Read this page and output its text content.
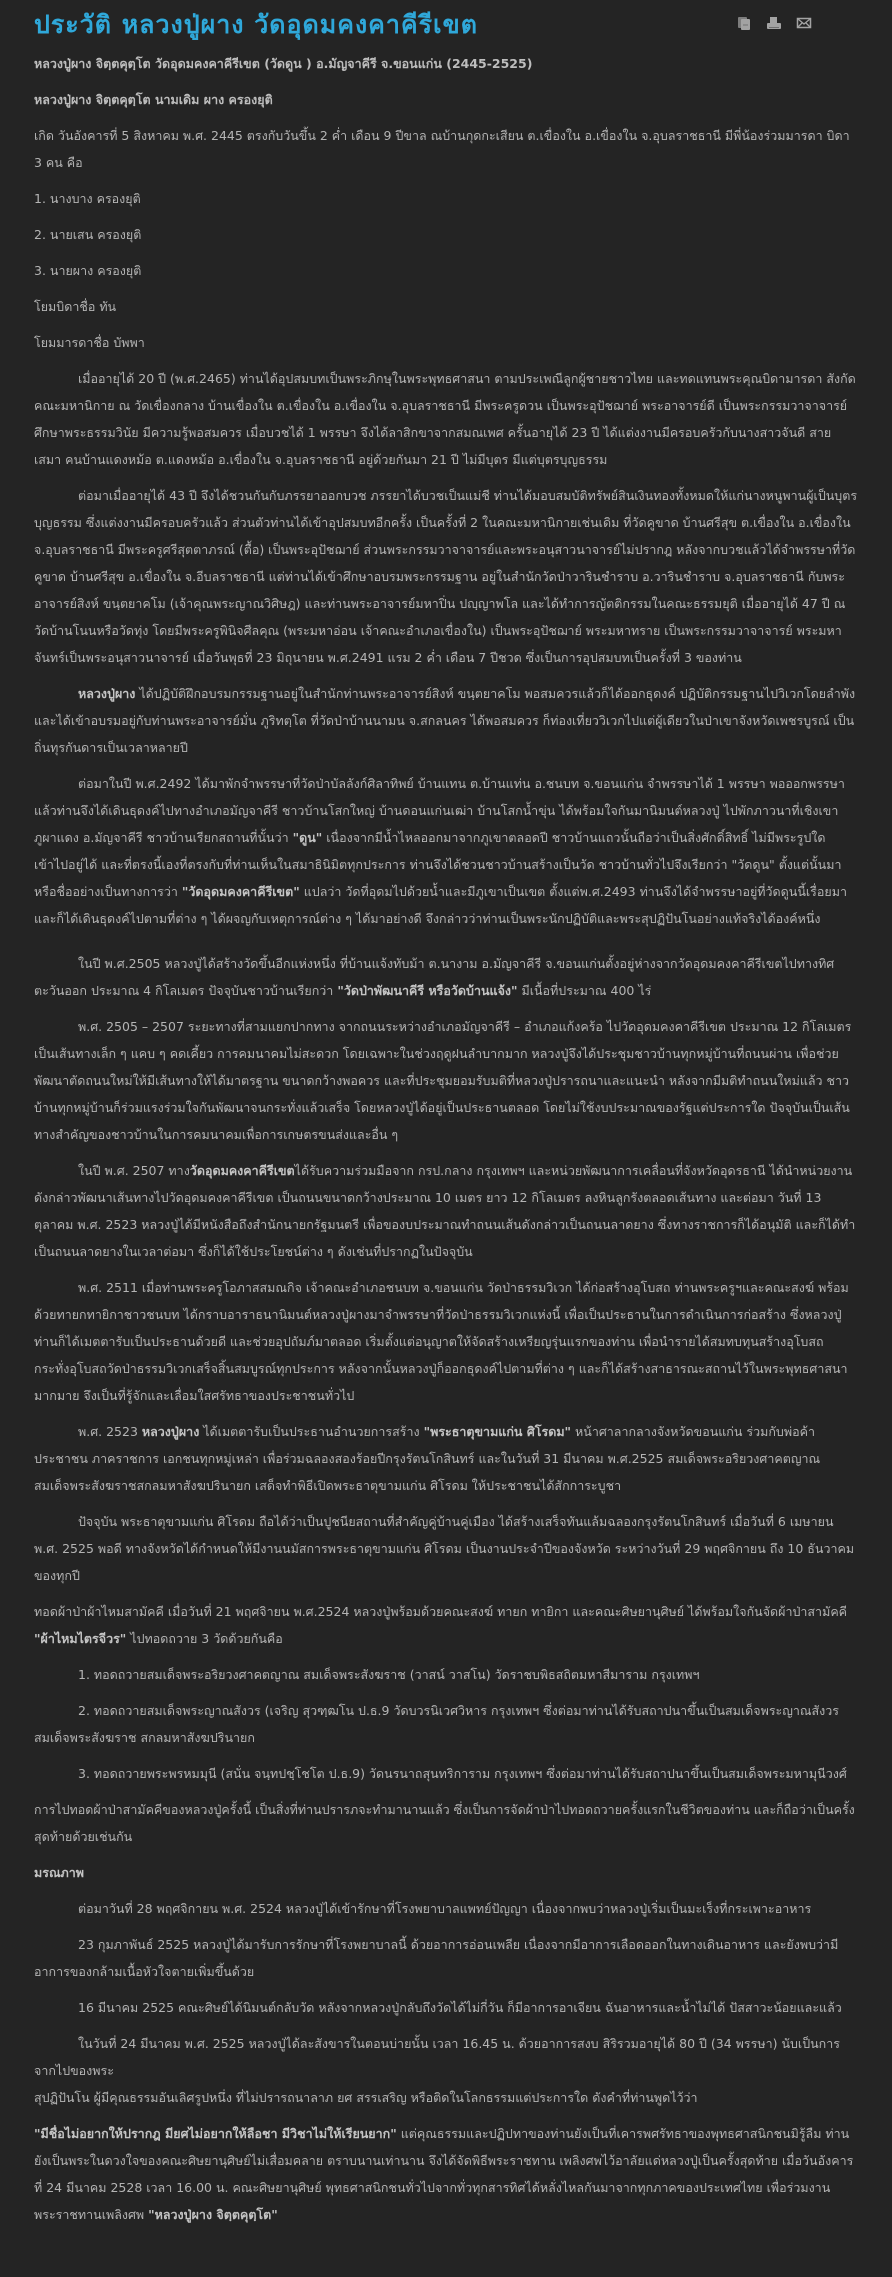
ประวัติ หลวงปู่ผาง วัดอุดมคงคาคีรีเขต

หลวงปู่ผาง จิตฺตคุตฺโต วัดอุดมคงคาคีรีเขต (วัดดูน ) อ.มัญจาคีรี จ.ขอนแก่น (2445-2525)

หลวงปู่ผาง จิตฺตคุตฺโต นามเดิม ผาง ครองยุติ

เกิด วันอังคารที่ 5 สิงหาคม พ.ศ. 2445 ตรงกับวันขึ้น 2 ค่ำ เดือน 9 ปีขาล ณบ้านกุดกะเสียน ต.เขื่องใน อ.เขื่องใน จ.อุบลราชธานี มีพี่น้องร่วมมารดา บิดา 3 คน คือ

1. นางบาง ครองยุติ

2. นายเสน ครองยุติ

3. นายผาง ครองยุติ

โยมบิดาชื่อ ทัน

โยมมารดาชื่อ บัพพา

เมื่ออายุได้ 20 ปี (พ.ศ.2465) ท่านได้อุปสมบทเป็นพระภิกษุในพระพุทธศาสนา ตามประเพณีลูกผู้ชายชาวไทย และทดแทนพระคุณบิดามารดา สังกัดคณะมหานิกาย ณ วัดเขื่องกลาง บ้านเขื่องใน ต.เขื่องใน อ.เขื่องใน จ.อุบลราชธานี มีพระครูดวน เป็นพระอุปัชฌาย์ พระอาจารย์ดี เป็นพระกรรมวาจาจารย์ ศึกษาพระธรรมวินัย มีความรู้พอสมควร เมื่อบวชได้ 1 พรรษา จึงได้ลาสิกขาจากสมณเพศ ครั้นอายุได้ 23 ปี ได้แต่งงานมีครอบครัวกับนางสาวจันดี สายเสมา คนบ้านแดงหม้อ ต.แดงหม้อ อ.เขื่องใน จ.อุบลราชธานี อยู่ด้วยกันมา 21 ปี ไม่มีบุตร มีแต่บุตรบุญธรรม

ต่อมาเมื่ออายุได้ 43 ปี จึงได้ชวนกันกับภรรยาออกบวช ภรรยาได้บวชเป็นแม่ชี ท่านได้มอบสมบัติทรัพย์สินเงินทองทั้งหมดให้แก่นางหนูพานผู้เป็นบุตรบุญธรรม ซึ่งแต่งงานมีครอบครัวแล้ว ส่วนตัวท่านได้เข้าอุปสมบทอีกครั้ง เป็นครั้งที่ 2 ในคณะมหานิกายเช่นเดิม ที่วัดคูขาด บ้านศรีสุข ต.เขื่องใน อ.เขื่องใน จ.อุบลราชธานี มีพระครูศรีสุตตาภรณ์ (ตื้อ) เป็นพระอุปัชฌาย์ ส่วนพระกรรมวาจาจารย์และพระอนุสาวนาจารย์ไม่ปรากฎ หลังจากบวชแล้วได้จำพรรษาที่วัดคูขาด บ้านศรีสุข อ.เขื่องใน จ.อีบลราชธานี แต่ท่านได้เข้าศึกษาอบรมพระกรรมฐาน อยู่ในสำนักวัดป่าวารินชำราบ อ.วารินชำราบ จ.อุบลราชธานี กับพระอาจารย์สิงห์ ขนฺตยาคโม (เจ้าคุณพระญาณวิศิษฎ) และท่านพระอาจารย์มหาปิ่น ปญฺญาพโล และได้ทำการญัตติกรรมในคณะธรรมยุติ เมื่ออายุได้ 47 ปี ณ วัดบ้านโนนหรือวัดทุ่ง โดยมีพระครูพินิจศีลคุณ (พระมหาอ่อน เจ้าคณะอำเภอเขื่องใน) เป็นพระอุปัชฌาย์ พระมหาทราย เป็นพระกรรมวาจาจารย์ พระมหาจันทร์เป็นพระอนุสาวนาจารย์ เมื่อวันพุธที่ 23 มิถุนายน พ.ศ.2491 แรม 2 ค่ำ เดือน 7 ปีชวด ซึ่งเป็นการอุปสมบทเป็นครั้งที่ 3 ของท่าน

หลวงปู่ผาง ได้ปฏิบัติฝึกอบรมกรรมฐานอยู่ในสำนักท่านพระอาจารย์สิงห์ ขนฺตยาคโม พอสมควรแล้วก็ได้ออกธุดงค์ ปฏิบัติกรรมฐานไปวิเวกโดยลำพัง และได้เข้าอบรมอยู่กับท่านพระอาจารย์มั่น ภูริทตฺโต ที่วัดป่าบ้านนามน จ.สกลนคร ได้พอสมควร ก็ท่องเที่ยววิเวกไปแต่ผู้เดียวในป่าเขาจังหวัดเพชรบูรณ์ เป็นถิ่นทุรกันดารเป็นเวลาหลายปี

ต่อมาในปี พ.ศ.2492 ได้มาพักจำพรรษาที่วัดป่าบัลลังก์ศิลาทิพย์ บ้านแทน ต.บ้านแท่น อ.ชนบท จ.ขอนแก่น จำพรรษาได้ 1 พรรษา พอออกพรรษาแล้วท่านจึงได้เดินธุดงค์ไปทางอำเภอมัญจาคีรี ชาวบ้านโสกใหญ่ บ้านดอนแก่นเฒ่า บ้านโสกน้ำขุ่น ได้พร้อมใจกันมานิมนต์หลวงปู่ ไปพักภาวนาที่เชิงเขาภูผาแดง อ.มัญจาคีรี ชาวบ้านเรียกสถานที่นั้นว่า "ดูน" เนื่องจากมีน้ำไหลออกมาจากภูเขาตลอดปี ชาวบ้านแถวนั้นถือว่าเป็นสิ่งศักดิ์สิทธิ์ ไม่มีพระรูปใดเข้าไปอยู่ได้ และที่ตรงนี้เองที่ตรงกับที่ท่านเห็นในสมาธินิมิตทุกประการ ท่านจึงได้ชวนชาวบ้านสร้างเป็นวัด ชาวบ้านทั่วไปจึงเรียกว่า "วัดดูน" ตั้งแต่นั้นมา หรือชื่ออย่างเป็นทางการว่า "วัดอุดมคงคาคีรีเขต" แปลว่า วัดที่อุดมไปด้วยน้ำและมีภูเขาเป็นเขต ตั้งแต่พ.ศ.2493 ท่านจึงได้จำพรรษาอยู่ที่วัดดูนนี้เรื่อยมา และก็ได้เดินธุดงค์ไปตามที่ต่าง ๆ ได้ผจญกับเหตุการณ์ต่าง ๆ ได้มาอย่างดี จึงกล่าวว่าท่านเป็นพระนักปฏิบัติและพระสุปฏิปันโนอย่างแท้จริงได้องค์หนึ่ง

ในปี พ.ศ.2505 หลวงปู่ได้สร้างวัดขึ้นอีกแห่งหนึ่ง ที่บ้านแจ้งทับม้า ต.นางาม อ.มัญจาคีรี จ.ขอนแก่นตั้งอยู่ห่างจากวัดอุดมคงคาคีรีเขตไปทางทิศตะวันออก ประมาณ 4 กิโลเมตร ปัจจุบันชาวบ้านเรียกว่า "วัดป่าพัฒนาคีรี หรือวัดบ้านแจ้ง" มีเนื้อที่ประมาณ 400 ไร่

พ.ศ. 2505 – 2507 ระยะทางที่สามแยกปากทาง จากถนนระหว่างอำเภอมัญจาคีรี – อำเภอแก้งคร้อ ไปวัดอุดมคงคาคีรีเขต ประมาณ 12 กิโลเมตร เป็นเส้นทางเล็ก ๆ แคบ ๆ คดเคี้ยว การคมนาคมไม่สะดวก โดยเฉพาะในช่วงฤดูฝนลำบากมาก หลวงปู่จึงได้ประชุมชาวบ้านทุกหมู่บ้านที่ถนนผ่าน เพื่อช่วยพัฒนาตัดถนนใหม่ให้มีเส้นทางให้ได้มาตรฐาน ขนาดกว้างพอควร และที่ประชุมยอมรับมติที่หลวงปู่ปรารถนาและแนะนำ หลังจากมีมติทำถนนใหม่แล้ว ชาวบ้านทุกหมู่บ้านก็ร่วมแรงร่วมใจกันพัฒนาจนกระทั่งแล้วเสร็จ โดยหลวงปู่ได้อยู่เป็นประธานตลอด โดยไม่ใช้งบประมาณของรัฐแต่ประการใด ปัจจุบันเป็นเส้นทางสำคัญของชาวบ้านในการคมนาคมเพื่อการเกษตรขนส่งและอื่น ๆ

ในปี พ.ศ. 2507 ทางวัดอุดมคงคาคีรีเขตได้รับความร่วมมือจาก กรป.กลาง กรุงเทพฯ และหน่วยพัฒนาการเคลื่อนที่จังหวัดอุดรธานี ได้นำหน่วยงานดังกล่าวพัฒนาเส้นทางไปวัดอุดมคงคาคีรีเขต เป็นถนนขนาดกว้างประมาณ 10 เมตร ยาว 12 กิโลเมตร ลงหินลูกรังตลอดเส้นทาง และต่อมา วันที่ 13 ตุลาคม พ.ศ. 2523 หลวงปู่ได้มีหนังสือถึงสำนักนายกรัฐมนตรี เพื่อของบประมาณทำถนนเส้นดังกล่าวเป็นถนนลาดยาง ซึ่งทางราชการก็ได้อนุมัติ และก็ได้ทำเป็นถนนลาดยางในเวลาต่อมา ซึ่งก็ได้ใช้ประโยชน์ต่าง ๆ ดังเช่นที่ปรากฏในปัจจุบัน

พ.ศ. 2511 เมื่อท่านพระครูโอภาสสมณกิจ เจ้าคณะอำเภอชนบท จ.ขอนแก่น วัดป่าธรรมวิเวก ได้ก่อสร้างอุโบสถ ท่านพระครูฯและคณะสงฆ์ พร้อมด้วยทายกทายิกาชาวชนบท ได้กราบอาราธนานิมนต์หลวงปู่ผางมาจำพรรษาที่วัดป่าธรรมวิเวกแห่งนี้ เพื่อเป็นประธานในการดำเนินการก่อสร้าง ซึ่งหลวงปู่ท่านก็ได้เมตตารับเป็นประธานด้วยดี และช่วยอุปถัมภ์มาตลอด เริ่มตั้งแต่อนุญาตให้จัดสร้างเหรียญรุ่นแรกของท่าน เพื่อนำรายได้สมทบทุนสร้างอุโบสถ กระทั่งอุโบสถวัดป่าธรรมวิเวกเสร็จสิ้นสมบูรณ์ทุกประการ หลังจากนั้นหลวงปู่ก็ออกธุดงค์ไปตามที่ต่าง ๆ และก็ได้สร้างสาธารณะสถานไว้ในพระพุทธศาสนามากมาย จึงเป็นที่รู้จักและเลื่อมใสศรัทธาของประชาชนทั่วไป

พ.ศ. 2523 หลวงปู่ผาง ได้เมตตารับเป็นประธานอำนวยการสร้าง "พระธาตุขามแก่น ศิโรดม" หน้าศาลากลางจังหวัดขอนแก่น ร่วมกับพ่อค้า ประชาชน ภาคราชการ เอกชนทุกหมู่เหล่า เพื่อร่วมฉลองสองร้อยปีกรุงรัตนโกสินทร์ และในวันที่ 31 มีนาคม พ.ศ.2525 สมเด็จพระอริยวงศาคตญาณ สมเด็จพระสังฆราชสกลมหาสังฆปรินายก เสด็จทำพิธีเปิดพระธาตุขามแก่น ศิโรดม ให้ประชาชนได้สักการะบูชา

ปัจจุบัน พระธาตุขามแก่น ศิโรดม ถือได้ว่าเป็นปูชนียสถานที่สำคัญคู่บ้านคู่เมือง ได้สร้างเสร็จทันแล้มฉลองกรุงรัตนโกสินทร์ เมื่อวันที่ 6 เมษายน พ.ศ. 2525 พอดี ทางจังหวัดได้กำหนดให้มีงานนมัสการพระธาตุขามแก่น ศิโรดม เป็นงานประจำปีของจังหวัด ระหว่างวันที่ 29 พฤศจิกายน ถึง 10 ธันวาคม ของทุกปี

ทอดผ้าป่าผ้าไหมสามัคคี เมื่อวันที่ 21 พฤศจิายน พ.ศ.2524 หลวงปู่พร้อมด้วยคณะสงฆ์ ทายก ทายิกา และคณะศิษยานุศิษย์ ได้พร้อมใจกันจัดผ้าป่าสามัคคี "ผ้าไหมไตรจีวร" ไปทอดถวาย 3 วัดด้วยกันคือ

1. ทอดถวายสมเด็จพระอริยวงศาคตญาณ สมเด็จพระสังฆราช (วาสน์ วาสโน) วัดราชบพิธสถิตมหาสีมาราม กรุงเทพฯ

2. ทอดถวายสมเด็จพระญาณสังวร (เจริญ สุวฑฺฒโน ป.ธ.9 วัดบวรนิเวศวิหาร กรุงเทพฯ ซึ่งต่อมาท่านได้รับสถาปนาขึ้นเป็นสมเด็จพระญาณสังวร สมเด็จพระสังฆราช สกลมหาสังฆปรินายก

3. ทอดถวายพระพรหมมุนี (สนั่น จนฺทปชฺโชโต ป.ธ.9) วัดนรนาถสุนทริการาม กรุงเทพฯ ซึ่งต่อมาท่านได้รับสถาปนาขึ้นเป็นสมเด็จพระมหามุนีวงศ์

การไปทอดผ้าป่าสามัคคีของหลวงปู่ครั้งนี้ เป็นสิ่งที่ท่านปรารภจะทำมานานแล้ว ซึ่งเป็นการจัดผ้าป่าไปทอดถวายครั้งแรกในชีวิตของท่าน และก็ถือว่าเป็นครั้งสุดท้ายด้วยเช่นกัน

มรณภาพ

ต่อมาวันที่ 28 พฤศจิกายน พ.ศ. 2524 หลวงปู่ได้เข้ารักษาที่โรงพยาบาลแพทย์ปัญญา เนื่องจากพบว่าหลวงปู่เริ่มเป็นมะเร็งที่กระเพาะอาหาร

23 กุมภาพันธ์ 2525 หลวงปู่ได้มารับการรักษาที่โรงพยาบาลนี้ ด้วยอาการอ่อนเพลีย เนื่องจากมีอาการเลือดออกในทางเดินอาหาร และยังพบว่ามีอาการของกล้ามเนื้อหัวใจตายเพิ่มขึ้นด้วย

16 มีนาคม 2525 คณะศิษย์ได้นิมนต์กลับวัด หลังจากหลวงปู่กลับถึงวัดได้ไม่กี่วัน ก็มีอาการอาเจียน ฉันอาหารและน้ำไม่ได้ ปัสสาวะน้อยและแล้ว

ในวันที่ 24 มีนาคม พ.ศ. 2525 หลวงปู่ได้ละสังขารในตอนบ่ายนั้น เวลา 16.45 น. ด้วยอาการสงบ สิริรวมอายุได้ 80 ปี (34 พรรษา) นับเป็นการจากไปของพระ

สุปฏิปันโน ผู้มีคุณธรรมอันเลิศรูปหนึ่ง ที่ไม่ปรารถนาลาภ ยศ สรรเสริญ หรือติดในโลกธรรมแต่ประการใด ดังคำที่ท่านพูดไว้ว่า

"มีชื่อไม่อยากให้ปรากฎ มียศไม่อยากให้ลือชา มีวิชาไม่ให้เรียนยาก" แต่คุณธรรมและปฏิปทาของท่านยังเป็นที่เคารพศรัทธาของพุทธศาสนิกชนมิรู้ลืม ท่านยังเป็นพระในดวงใจของคณะศิษยานุศิษย์ไม่เสื่อมคลาย ตราบนานเท่านาน จึงได้จัดพิธีพระราชทาน เพลิงศพไว้อาลัยแด่หลวงปู่เป็นครั้งสุดท้าย เมื่อวันอังคารที่ 24 มีนาคม 2528 เวลา 16.00 น. คณะศิษยานุศิษย์ พุทธศาสนิกชนทั่วไปจากทั่วทุกสารทิศได้หลั่งไหลกันมาจากทุกภาคของประเทศไทย เพื่อร่วมงานพระราชทานเพลิงศพ "หลวงปู่ผาง จิตฺตคุตฺโต"
